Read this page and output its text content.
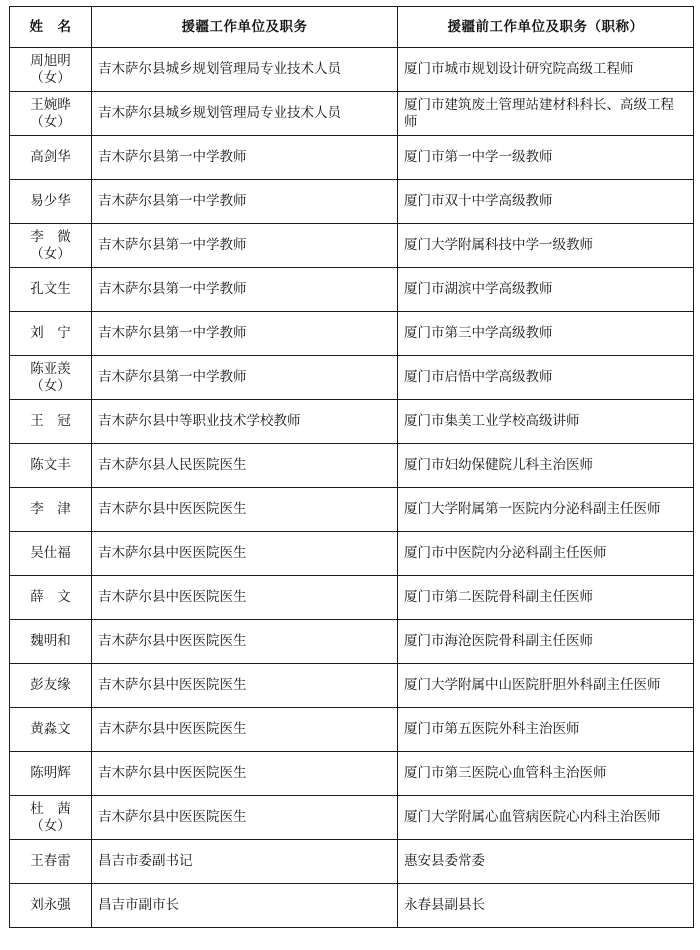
姓　名	援疆工作单位及职务	援疆前工作单位及职务（职称）

周旭明
（女）	吉木萨尔县城乡规划管理局专业技术人员	厦门市城市规划设计研究院高级工程师

王婉晔
（女）	吉木萨尔县城乡规划管理局专业技术人员	厦门市建筑废土管理站建材科科长、高级工程师

高剑华	吉木萨尔县第一中学教师	厦门市第一中学一级教师

易少华	吉木萨尔县第一中学教师	厦门市双十中学高级教师

李　微
（女）	吉木萨尔县第一中学教师	厦门大学附属科技中学一级教师

孔文生	吉木萨尔县第一中学教师	厦门市湖滨中学高级教师

刘　宁	吉木萨尔县第一中学教师	厦门市第三中学高级教师

陈亚羡
（女）	吉木萨尔县第一中学教师	厦门市启悟中学高级教师

王　冠	吉木萨尔县中等职业技术学校教师	厦门市集美工业学校高级讲师

陈文丰	吉木萨尔县人民医院医生	厦门市妇幼保健院儿科主治医师

李　津	吉木萨尔县中医医院医生	厦门大学附属第一医院内分泌科副主任医师

吴仕福	吉木萨尔县中医医院医生	厦门市中医院内分泌科副主任医师

薛　文	吉木萨尔县中医医院医生	厦门市第二医院骨科副主任医师

魏明和	吉木萨尔县中医医院医生	厦门市海沧医院骨科副主任医师

彭友缘	吉木萨尔县中医医院医生	厦门大学附属中山医院肝胆外科副主任医师

黄淼文	吉木萨尔县中医医院医生	厦门市第五医院外科主治医师

陈明辉	吉木萨尔县中医医院医生	厦门市第三医院心血管科主治医师

杜　茜
（女）	吉木萨尔县中医医院医生	厦门大学附属心血管病医院心内科主治医师

王春雷	昌吉市委副书记	惠安县委常委

刘永强	昌吉市副市长	永春县副县长
